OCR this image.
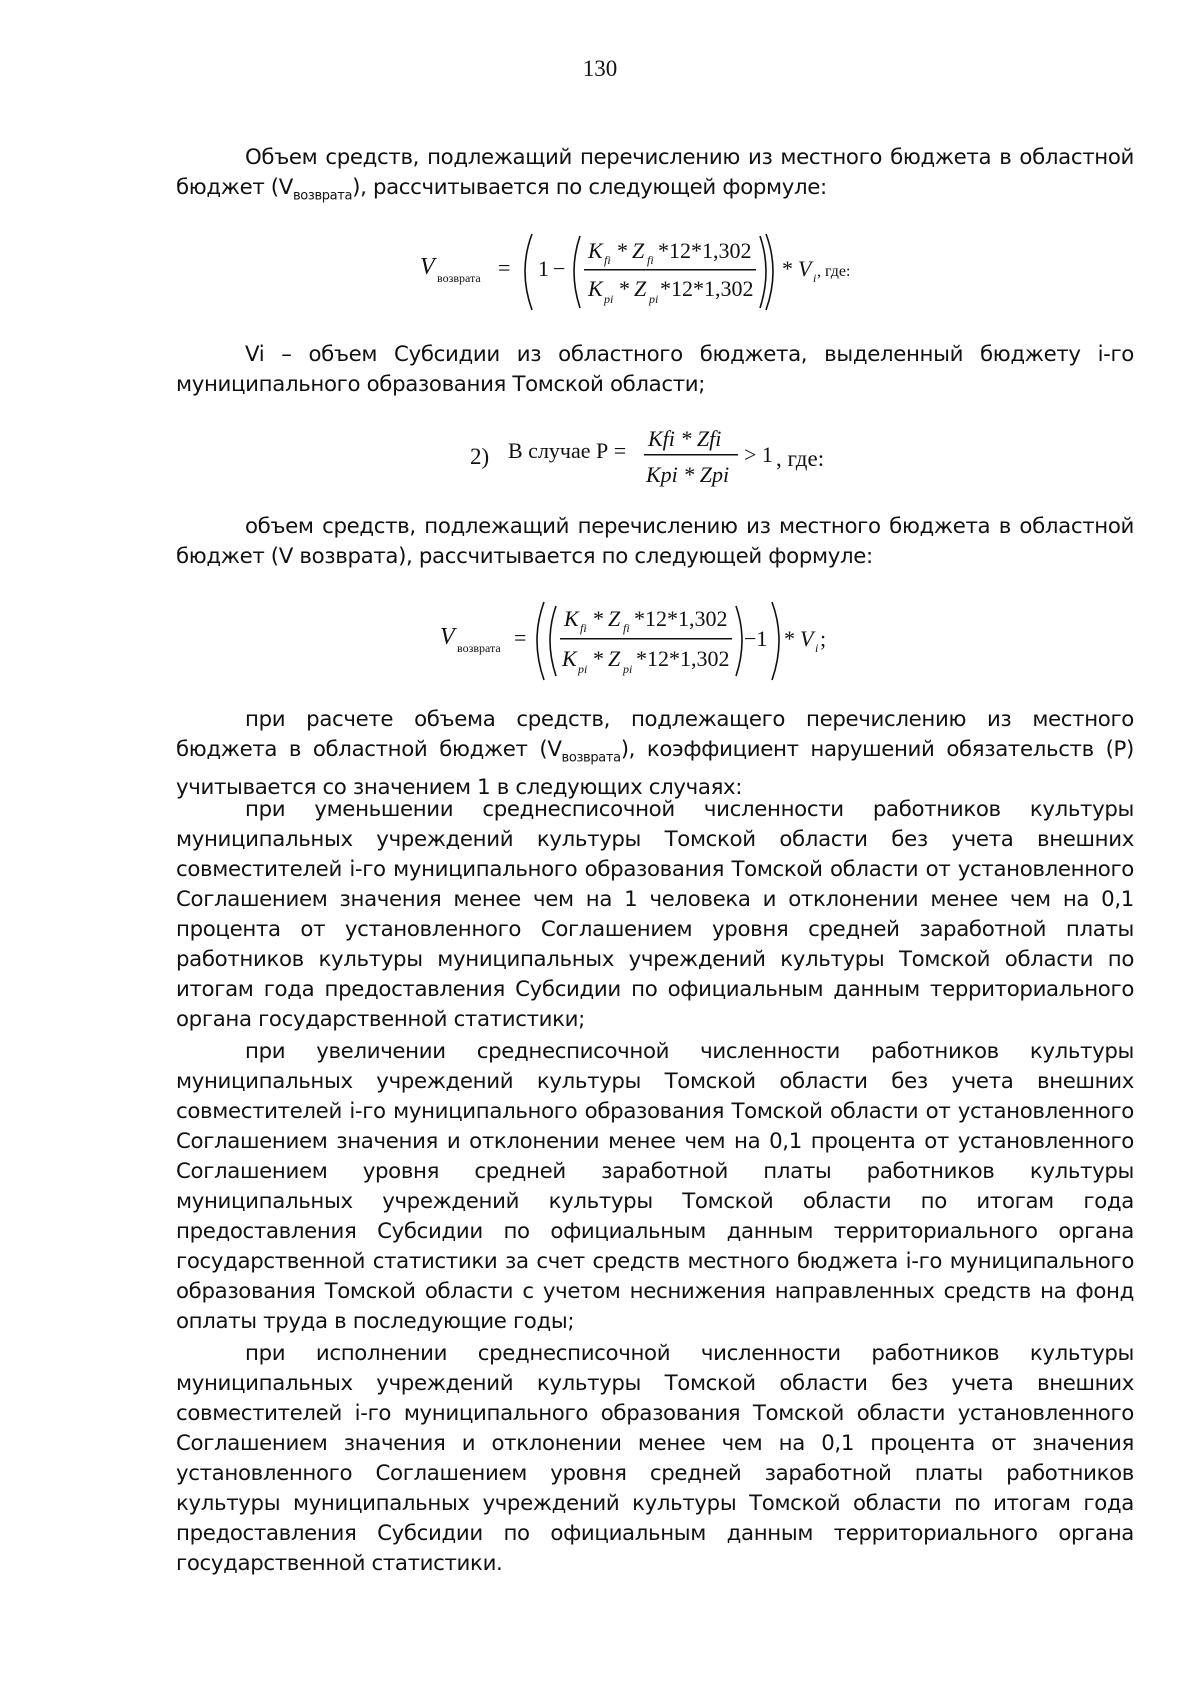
130

Объем средств, подлежащий перечислению из местного бюджета в областной бюджет $(V_{возврата})$, рассчитывается по следующей формуле:

V возврата = 1 −
K fi * Z fi *12*1,302
K pi * Z pi *12*1,302
* V i , где:

Vi – объем Субсидии из областного бюджета, выделенный бюджету i-го муниципального образования Томской области;

2) В случае Р = Kfi * Zfi
Kpi * Zpi
> 1 , где:

объем средств, подлежащий перечислению из местного бюджета в областной бюджет (V возврата), рассчитывается по следующей формуле:

V возврата =
K fi * Z fi *12*1,302
K pi * Z pi *12*1,302
−1 * V i ;

при расчете объема средств, подлежащего перечислению из местного бюджета в областной бюджет $(V_{возврата})$, коэффициент нарушений обязательств (Р) учитывается со значением 1 в следующих случаях:

при уменьшении среднесписочной численности работников культуры муниципальных учреждений культуры Томской области без учета внешних совместителей i-го муниципального образования Томской области от установленного Соглашением значения менее чем на 1 человека и отклонении менее чем на 0,1 процента от установленного Соглашением уровня средней заработной платы работников культуры муниципальных учреждений культуры Томской области по итогам года предоставления Субсидии по официальным данным территориального органа государственной статистики;

при увеличении среднесписочной численности работников культуры муниципальных учреждений культуры Томской области без учета внешних совместителей i-го муниципального образования Томской области от установленного Соглашением значения и отклонении менее чем на 0,1 процента от установленного Соглашением уровня средней заработной платы работников культуры муниципальных учреждений культуры Томской области по итогам года предоставления Субсидии по официальным данным территориального органа государственной статистики за счет средств местного бюджета i-го муниципального образования Томской области с учетом неснижения направленных средств на фонд оплаты труда в последующие годы;

при исполнении среднесписочной численности работников культуры муниципальных учреждений культуры Томской области без учета внешних совместителей i-го муниципального образования Томской области установленного Соглашением значения и отклонении менее чем на 0,1 процента от значения установленного Соглашением уровня средней заработной платы работников культуры муниципальных учреждений культуры Томской области по итогам года предоставления Субсидии по официальным данным территориального органа государственной статистики.
